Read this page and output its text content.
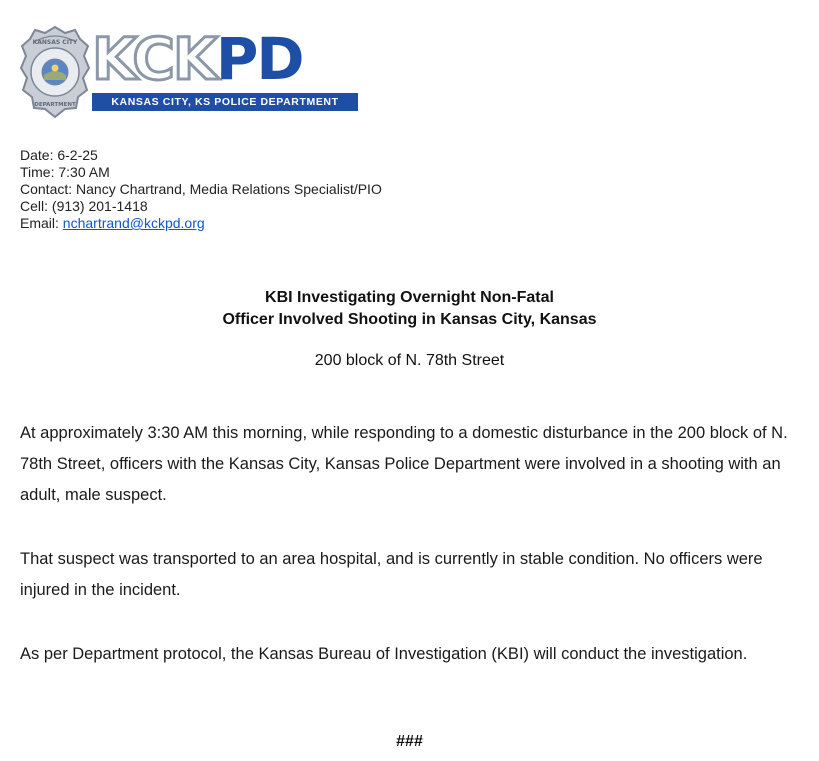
KANSAS CITY
DEPARTMENT
KCKPD
KANSAS CITY, KS POLICE DEPARTMENT
Date: 6-2-25
Time: 7:30 AM
Contact: Nancy Chartrand, Media Relations Specialist/PIO
Cell: (913) 201-1418
Email: nchartrand@kckpd.org
KBI Investigating Overnight Non-Fatal
Officer Involved Shooting in Kansas City, Kansas
200 block of N. 78th Street

At approximately 3:30 AM this morning, while responding to a domestic disturbance in the 200 block of N. 78th Street, officers with the Kansas City, Kansas Police Department were involved in a shooting with an adult, male suspect.

That suspect was transported to an area hospital, and is currently in stable condition. No officers were injured in the incident.

As per Department protocol, the Kansas Bureau of Investigation (KBI) will conduct the investigation.

###
